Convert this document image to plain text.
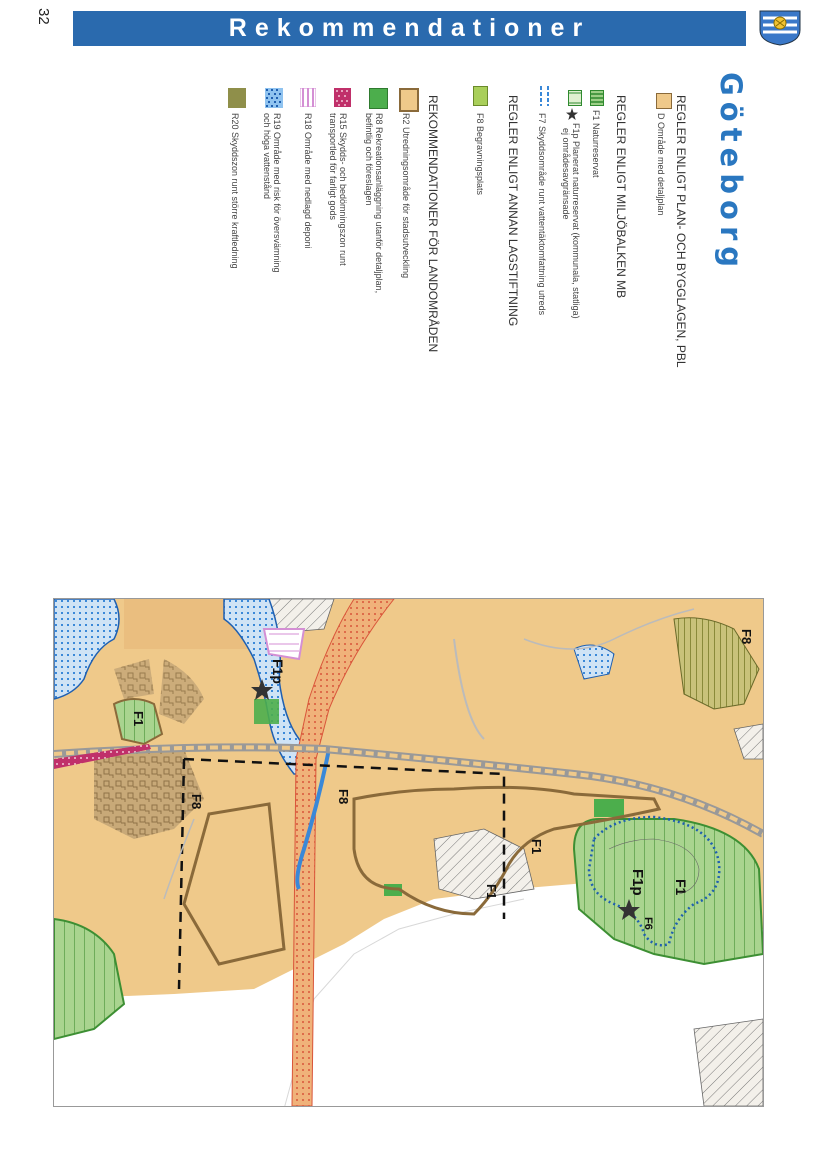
32	Rekommendationer
Göteborg
REGLER ENLIGT PLAN- OCH BYGGLAGEN, PBL
D Område med detaljplan
REGLER ENLIGT MILJÖBALKEN MB
F1 Naturreservat
F1p Planerat naturreservat (kommunala, statliga)
ej områdesavgränsade
F7 Skyddsområde runt vattentäktomfattning utreds
REGLER ENLIGT ANNAN LAGSTIFTNING
F8 Begravningsplats
REKOMMENDATIONER FÖR LANDOMRÅDEN
R2 Utredningsområde för stadsutveckling
R8 Rekreationsanläggning utanför detaljplan,
befintlig och föreslagen
R15 Skydds- och bedömningszon runt
transportled för farligt gods
R18 Område med nedlagd deponi
R19 Område med risk för översvämning
och höga vattenstånd
R20 Skyddszon runt större kraftledning
F8
F1p
F1
F8	F8
F1
F1	F1p
F6
F1
